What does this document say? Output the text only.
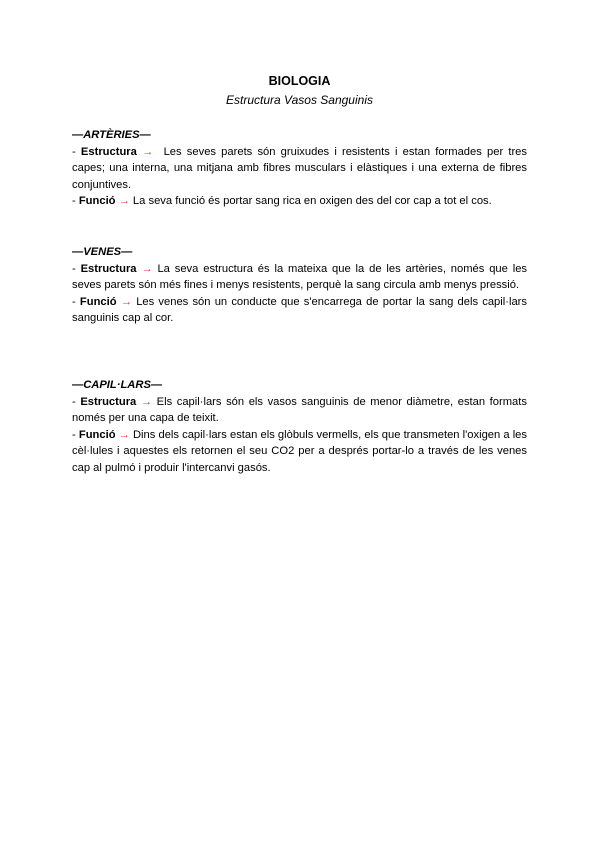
BIOLOGIA
Estructura Vasos Sanguinis
—ARTÈRIES—

- Estructura → Les seves parets són gruixudes i resistents i estan formades per tres capes; una interna, una mitjana amb fibres musculars i elàstiques i una externa de fibres conjuntives.

- Funció → La seva funció és portar sang rica en oxigen des del cor cap a tot el cos.

—VENES—

- Estructura → La seva estructura és la mateixa que la de les artèries, només que les seves parets són més fines i menys resistents, perquè la sang circula amb menys pressió.

- Funció → Les venes són un conducte que s'encarrega de portar la sang dels capil·lars sanguinis cap al cor.

—CAPIL·LARS—

- Estructura → Els capil·lars són els vasos sanguinis de menor diàmetre, estan formats només per una capa de teixit.

- Funció → Dins dels capil·lars estan els glòbuls vermells, els que transmeten l'oxigen a les cèl·lules i aquestes els retornen el seu CO2 per a després portar-lo a través de les venes cap al pulmó i produir l'intercanvi gasós.
